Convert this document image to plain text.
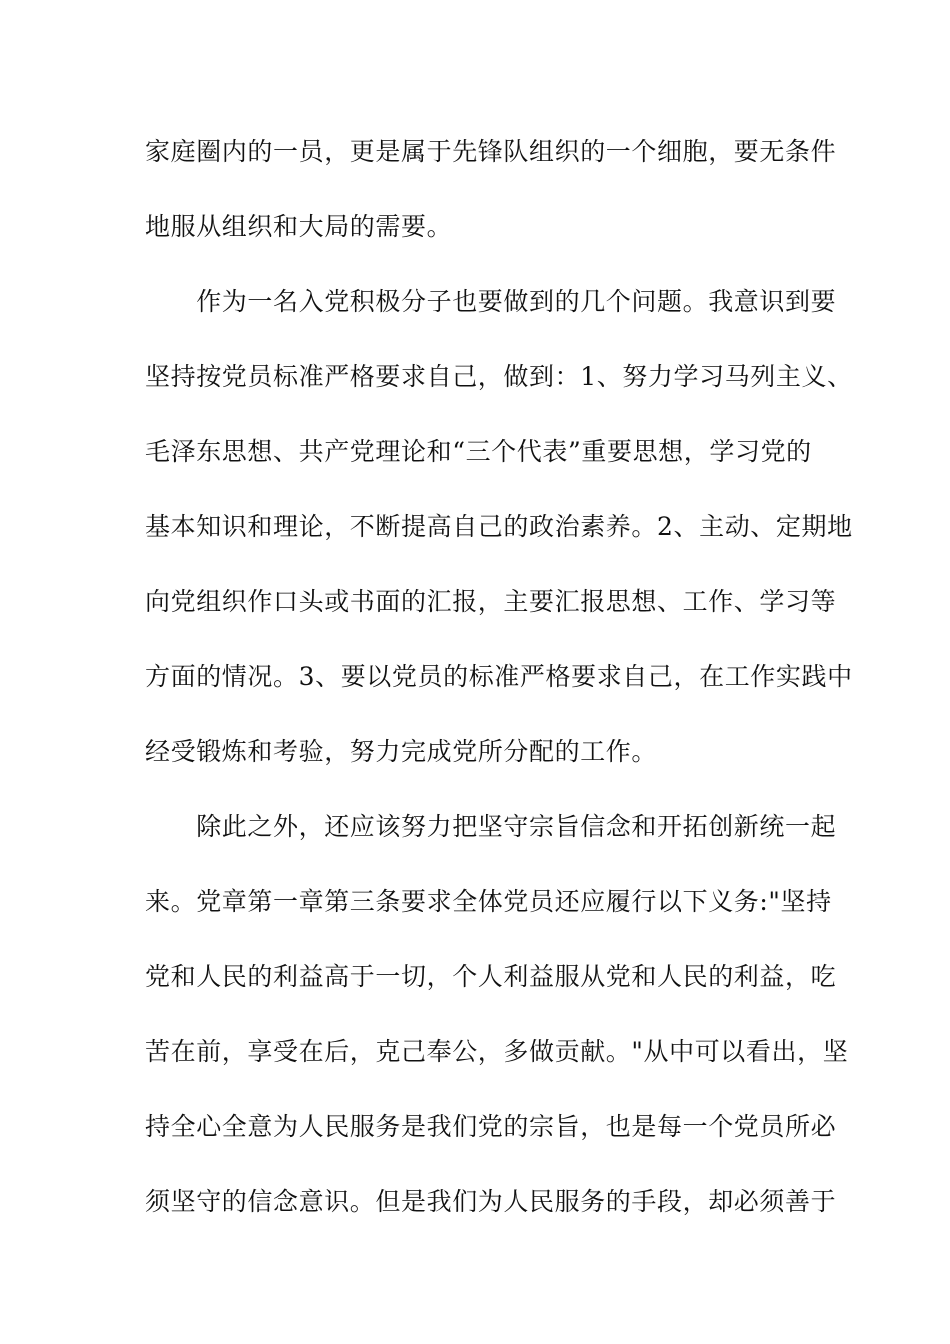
家庭圈内的一员，更是属于先锋队组织的一个细胞，要无条件
地服从组织和大局的需要。
　　作为一名入党积极分子也要做到的几个问题。我意识到要
坚持按党员标准严格要求自己，做到：1、努力学习马列主义、
毛泽东思想、共产党理论和“三个代表”重要思想，学习党的
基本知识和理论，不断提高自己的政治素养。2、主动、定期地
向党组织作口头或书面的汇报，主要汇报思想、工作、学习等
方面的情况。3、要以党员的标准严格要求自己，在工作实践中
经受锻炼和考验，努力完成党所分配的工作。
　　除此之外，还应该努力把坚守宗旨信念和开拓创新统一起
来。党章第一章第三条要求全体党员还应履行以下义务:"坚持
党和人民的利益高于一切，个人利益服从党和人民的利益，吃
苦在前，享受在后，克己奉公，多做贡献。"从中可以看出，坚
持全心全意为人民服务是我们党的宗旨，也是每一个党员所必
须坚守的信念意识。但是我们为人民服务的手段，却必须善于
